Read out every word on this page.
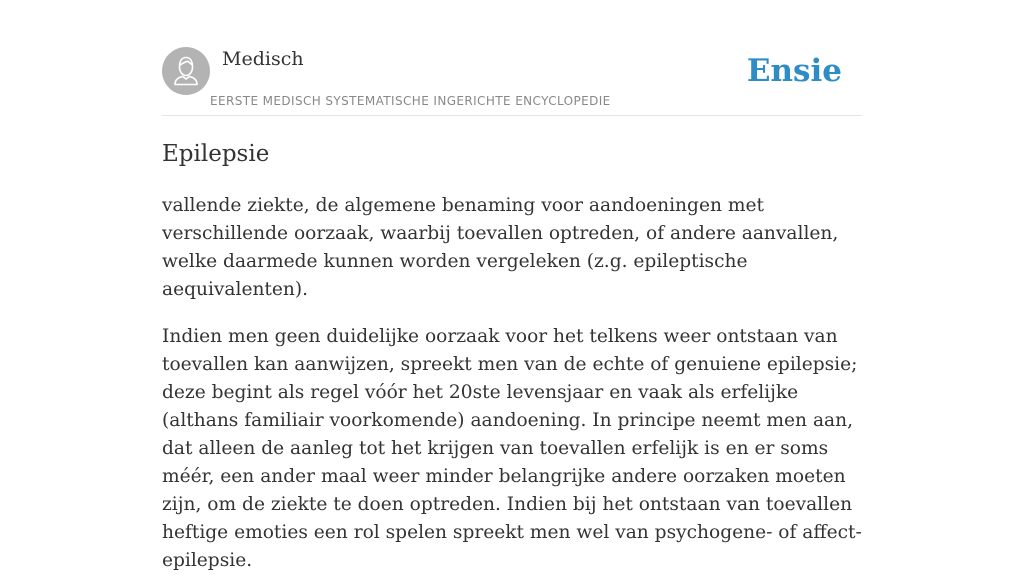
Medisch
EERSTE MEDISCH SYSTEMATISCHE INGERICHTE ENCYCLOPEDIE
Ensie
Epilepsie

vallende ziekte, de algemene benaming voor aandoeningen met verschillende oorzaak, waarbij toevallen optreden, of andere aanvallen, welke daarmede kunnen worden vergeleken (z.g. epileptische aequivalenten).

Indien men geen duidelijke oorzaak voor het telkens weer ontstaan van toevallen kan aanwijzen, spreekt men van de echte of genuiene epilepsie; deze begint als regel vóór het 20ste levensjaar en vaak als erfelijke (althans familiair voorkomende) aandoening. In principe neemt men aan, dat alleen de aanleg tot het krijgen van toevallen erfelijk is en er soms méér, een ander maal weer minder belangrijke andere oorzaken moeten zijn, om de ziekte te doen optreden. Indien bij het ontstaan van toevallen heftige emoties een rol spelen spreekt men wel van psychogene- of affect-epilepsie.
